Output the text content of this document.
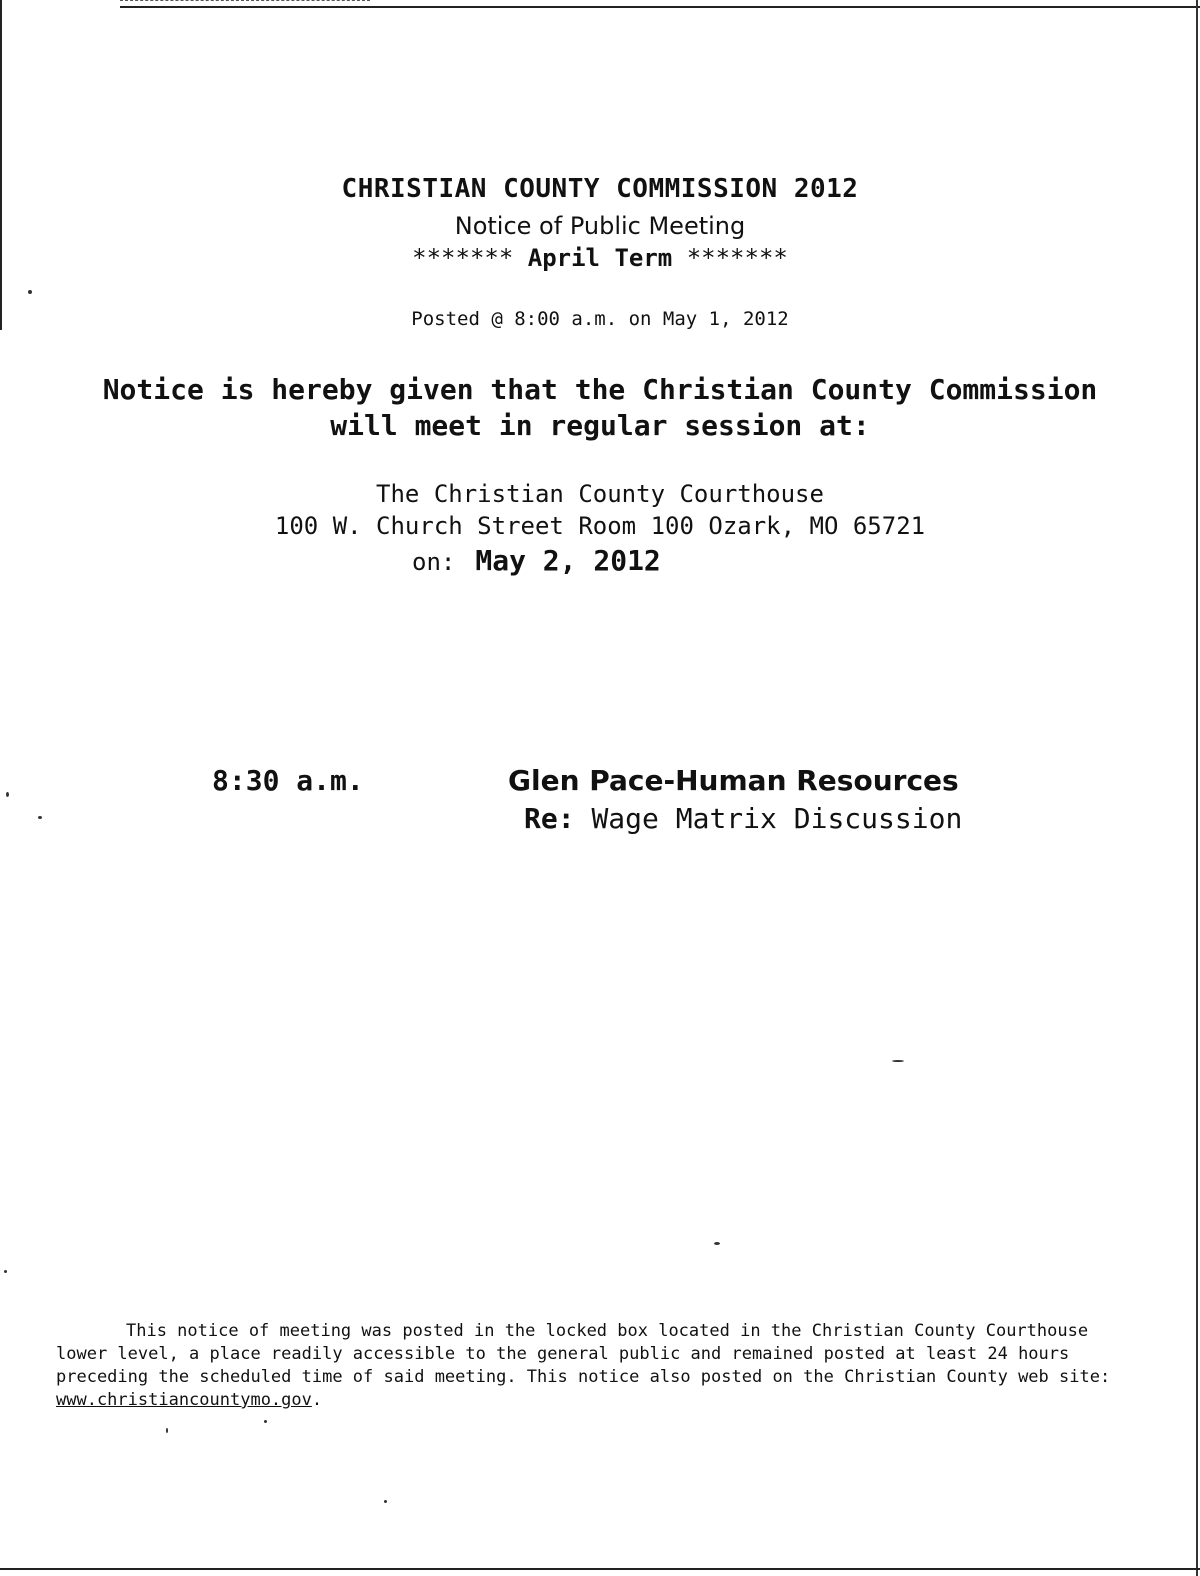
CHRISTIAN COUNTY COMMISSION 2012
Notice of Public Meeting
******* April Term *******
Posted @ 8:00 a.m. on May 1, 2012
Notice is hereby given that the Christian County Commission will meet in regular session at:
The Christian County Courthouse
100 W. Church Street Room 100 Ozark, MO 65721
on: May 2, 2012
8:30 a.m.	Glen Pace-Human Resources
Re: Wage Matrix Discussion

This notice of meeting was posted in the locked box located in the Christian County Courthouse lower level, a place readily accessible to the general public and remained posted at least 24 hours preceding the scheduled time of said meeting. This notice also posted on the Christian County web site: www.christiancountymo.gov.
